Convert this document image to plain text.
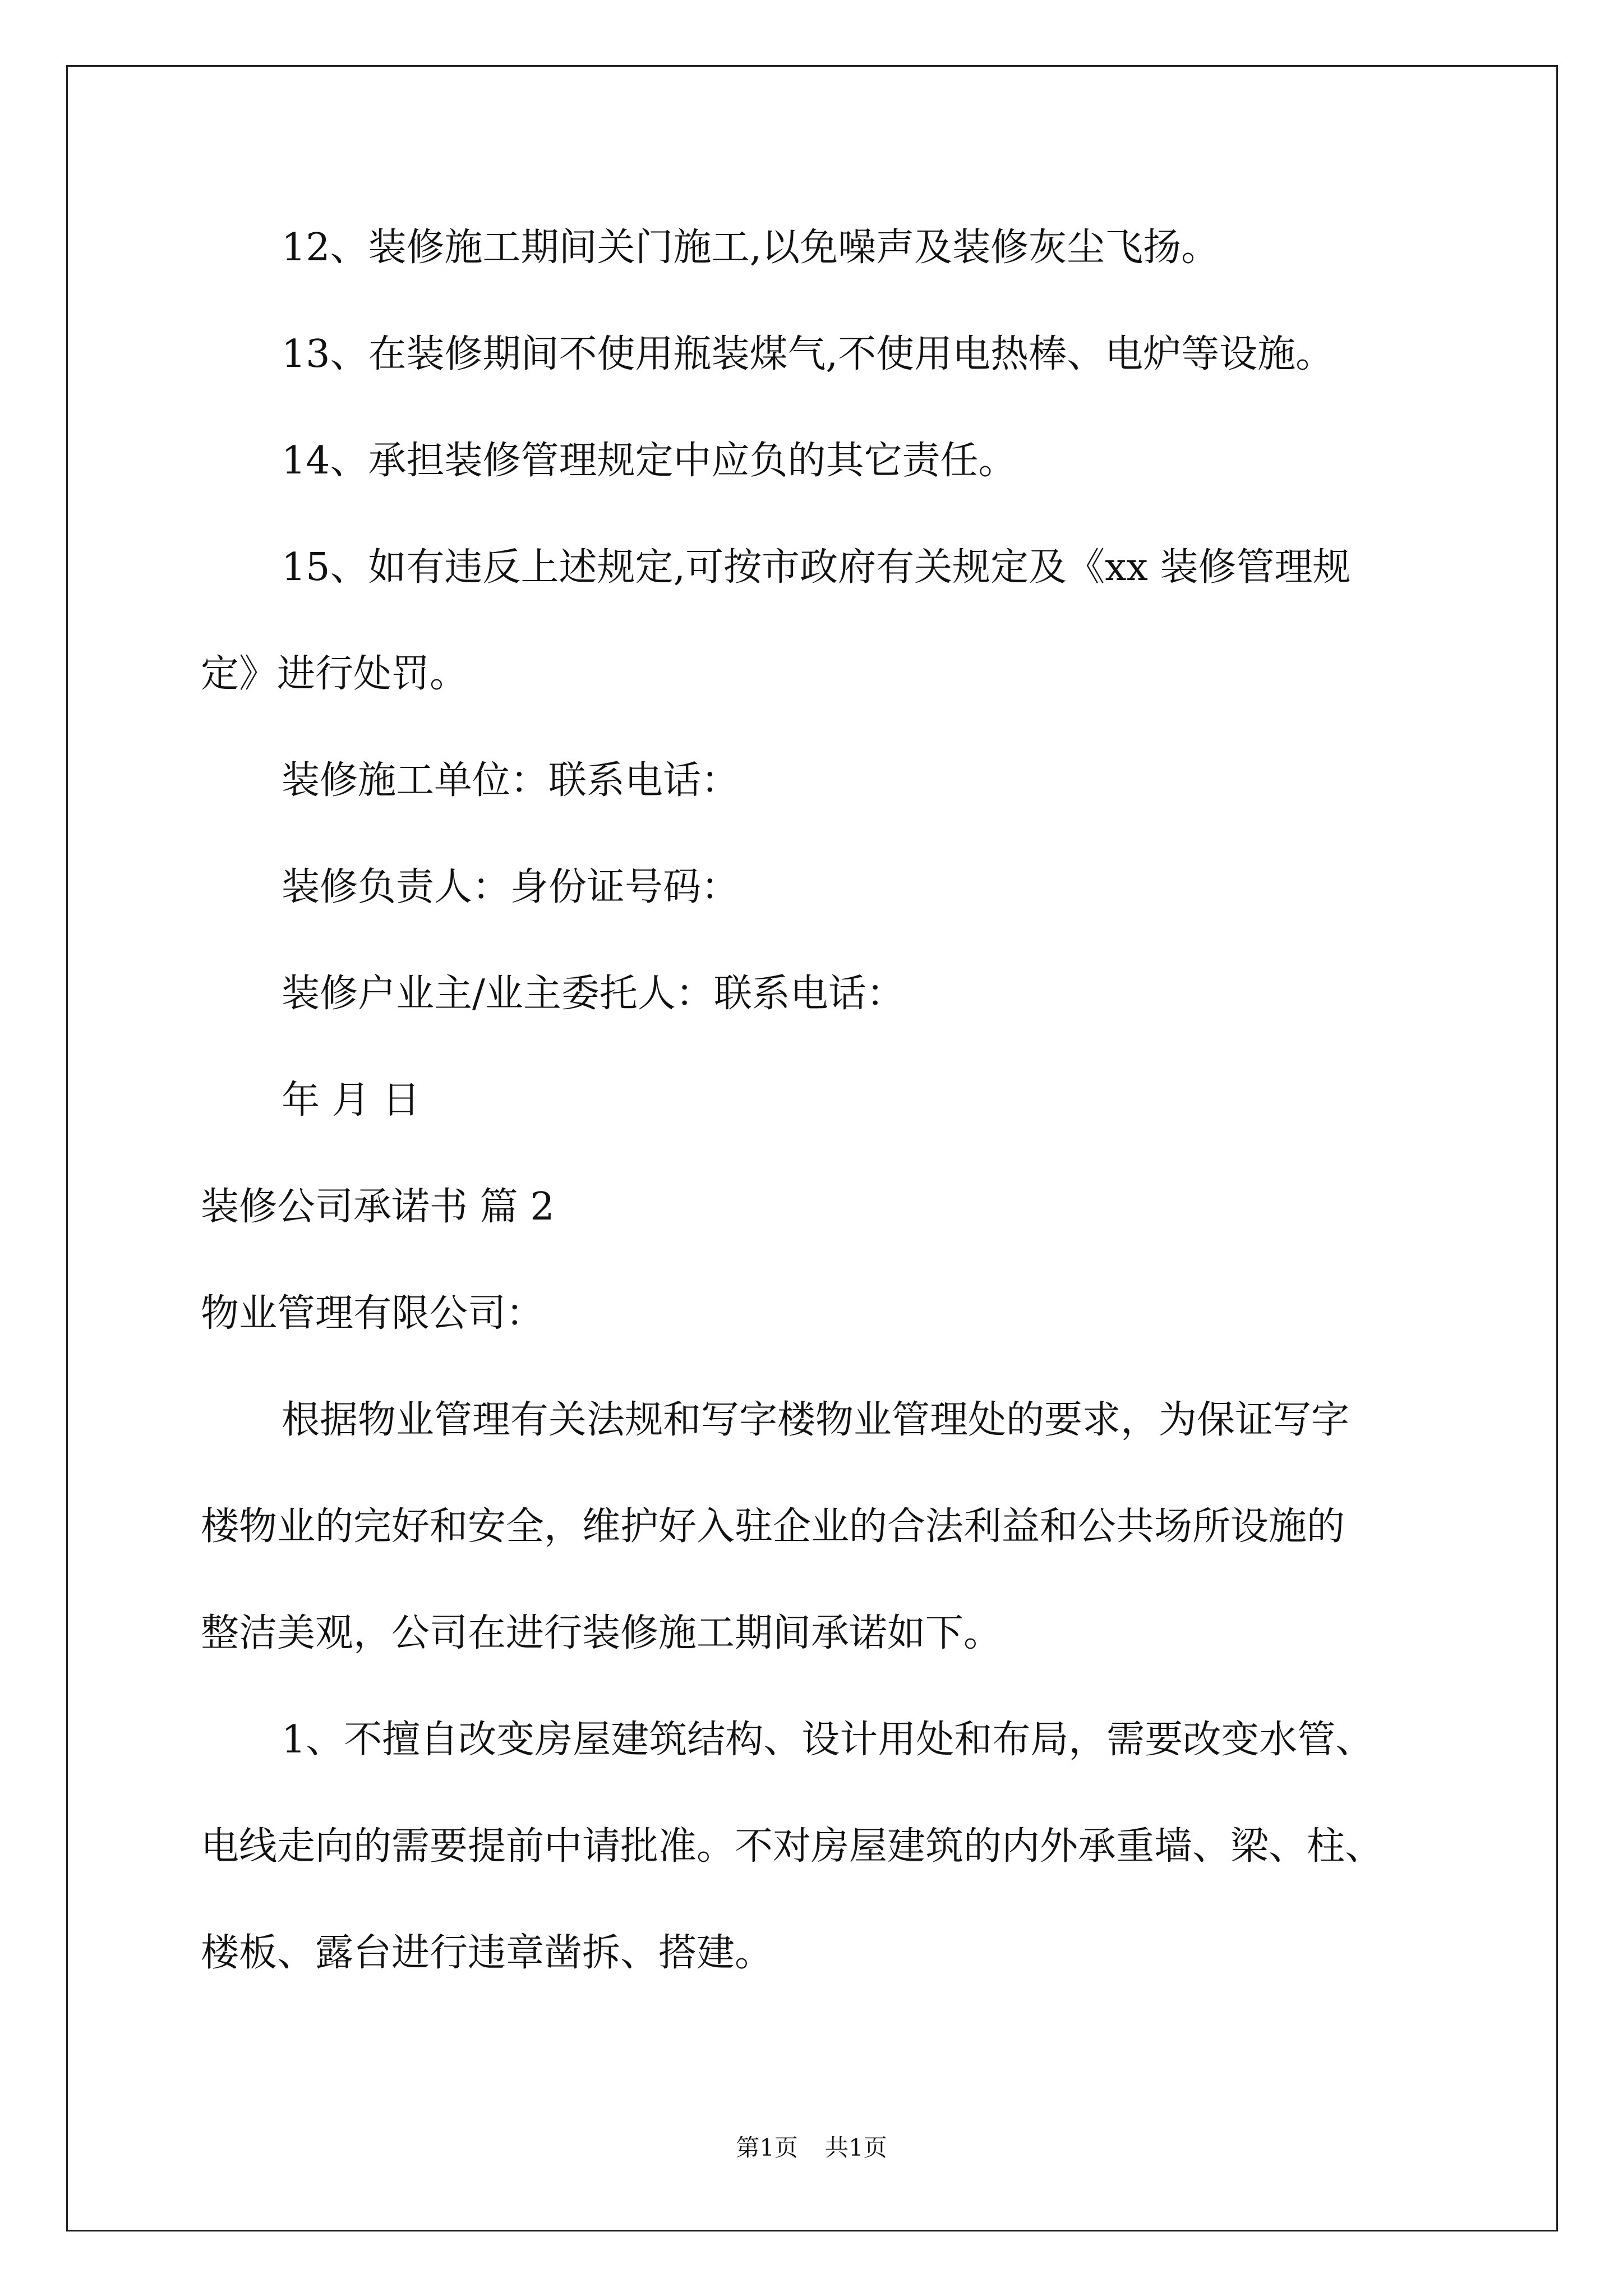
12、装修施工期间关门施工,以免噪声及装修灰尘飞扬。
13、在装修期间不使用瓶装煤气,不使用电热棒、电炉等设施。
14、承担装修管理规定中应负的其它责任。
15、如有违反上述规定,可按市政府有关规定及《xx 装修管理规
定》进行处罚。
装修施工单位：联系电话：
装修负责人：身份证号码：
装修户业主/业主委托人：联系电话：
年 月 日
装修公司承诺书 篇 2
物业管理有限公司：
根据物业管理有关法规和写字楼物业管理处的要求，为保证写字
楼物业的完好和安全，维护好入驻企业的合法利益和公共场所设施的
整洁美观，公司在进行装修施工期间承诺如下。
1、不擅自改变房屋建筑结构、设计用处和布局，需要改变水管、
电线走向的需要提前中请批准。不对房屋建筑的内外承重墙、梁、柱、
楼板、露台进行违章凿拆、搭建。
第1页 共1页
